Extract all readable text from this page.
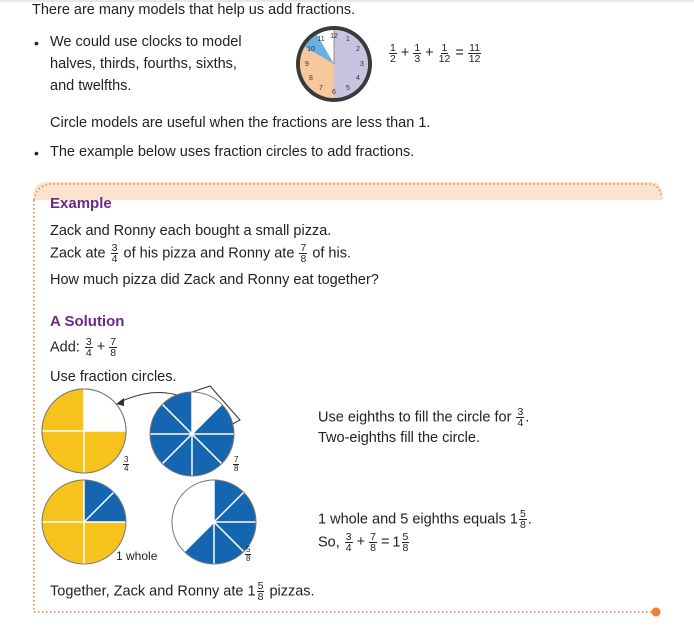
There are many models that help us add fractions.
• We could use clocks to model
halves, thirds, fourths, sixths,
and twelfths.
12 1
2
3
4
5
6
7
8
9
10
11
$\frac{1}{2} + \frac{1}{3} + \frac{1}{12} = \frac{11}{12}$
Circle models are useful when the fractions are less than 1.
• The example below uses fraction circles to add fractions.
Example
Zack and Ronny each bought a small pizza.
Zack ate $\frac{3}{4}$ of his pizza and Ronny ate $\frac{7}{8}$ of his.
How much pizza did Zack and Ronny eat together?
A Solution
Add: $\frac{3}{4} + \frac{7}{8}$
Use fraction circles.
$\frac{3}{4}$	$\frac{7}{8}$
$\frac{5}{8}$
1 whole
Use eighths to fill the circle for $\frac{3}{4}$ .
Two-eighths fill the circle.
1 whole and 5 eighths equals $1 \frac{5}{8}$ .
So, $\frac{3}{4} + \frac{7}{8} = 1 \frac{5}{8}$
Together, Zack and Ronny ate $1 \frac{5}{8}$ pizzas.
